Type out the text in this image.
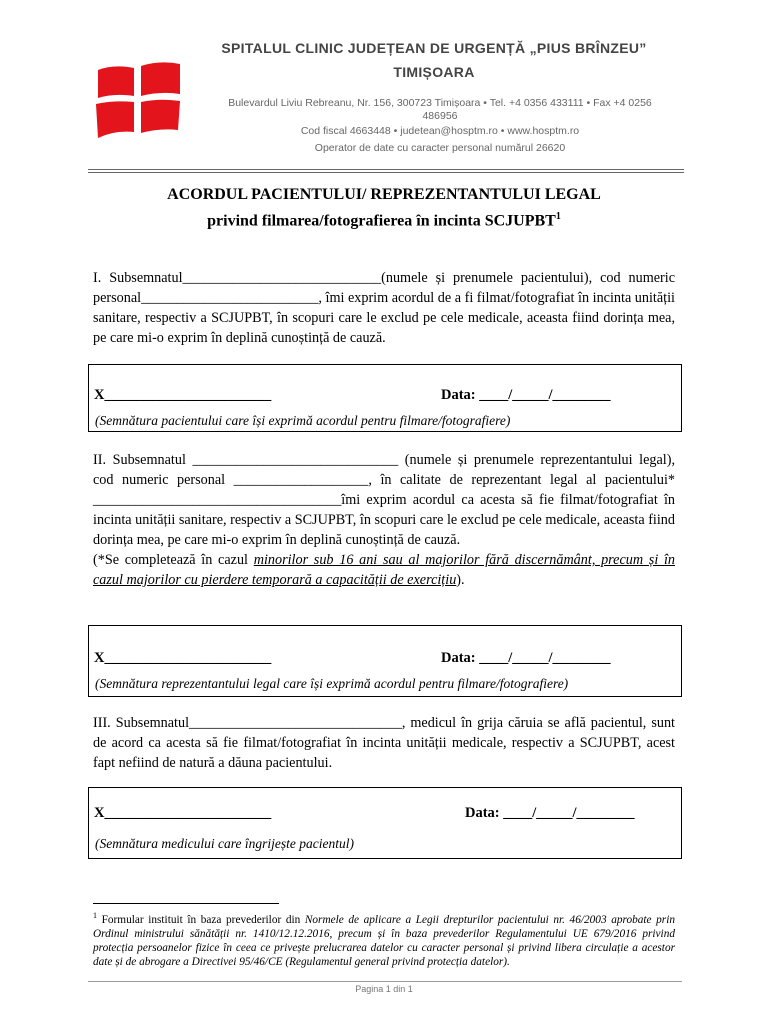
SPITALUL CLINIC JUDEȚEAN DE URGENȚĂ „PIUS BRÎNZEU”
TIMIȘOARA
Bulevardul Liviu Rebreanu, Nr. 156, 300723 Timișoara • Tel. +4 0356 433111 • Fax +4 0256
486956
Cod fiscal 4663448 • judetean@hosptm.ro • www.hosptm.ro
Operator de date cu caracter personal numărul 26620
ACORDUL PACIENTULUI/ REPREZENTANTULUI LEGAL
privind filmarea/fotografierea în incinta SCJUPBT$^1$

I. Subsemnatul____________________________(numele și prenumele pacientului), cod numeric personal_________________________, îmi exprim acordul de a fi filmat/fotografiat în incinta unității sanitare, respectiv a SCJUPBT, în scopuri care le exclud pe cele medicale, aceasta fiind dorința mea, pe care mi-o exprim în deplină cunoștință de cauză.

X_______________________	Data: ____/_____/________
(Semnătura pacientului care își exprimă acordul pentru filmare/fotografiere)

II. Subsemnatul _____________________________ (numele și prenumele reprezentantului legal), cod numeric personal ___________________, în calitate de reprezentant legal al pacientului* ___________________________________îmi exprim acordul ca acesta să fie filmat/fotografiat în incinta unității sanitare, respectiv a SCJUPBT, în scopuri care le exclud pe cele medicale, aceasta fiind dorința mea, pe care mi-o exprim în deplină cunoștință de cauză.

(*Se completează în cazul minorilor sub 16 ani sau al majorilor fără discernământ, precum și în cazul majorilor cu pierdere temporară a capacității de exercițiu).

X_______________________	Data: ____/_____/________
(Semnătura reprezentantului legal care își exprimă acordul pentru filmare/fotografiere)

III. Subsemnatul______________________________, medicul în grija căruia se află pacientul, sunt de acord ca acesta să fie filmat/fotografiat în incinta unității medicale, respectiv a SCJUPBT, acest fapt nefiind de natură a dăuna pacientului.

X_______________________	Data: ____/_____/________
(Semnătura medicului care îngrijește pacientul)
$^1$ Formular instituit în baza prevederilor din Normele de aplicare a Legii drepturilor pacientului nr. 46/2003 aprobate prin Ordinul ministrului sănătății nr. 1410/12.12.2016, precum și în baza prevederilor Regulamentului UE 679/2016 privind protecția persoanelor fizice în ceea ce privește prelucrarea datelor cu caracter personal și privind libera circulație a acestor date și de abrogare a Directivei 95/46/CE (Regulamentul general privind protecția datelor).
Pagina 1 din 1
